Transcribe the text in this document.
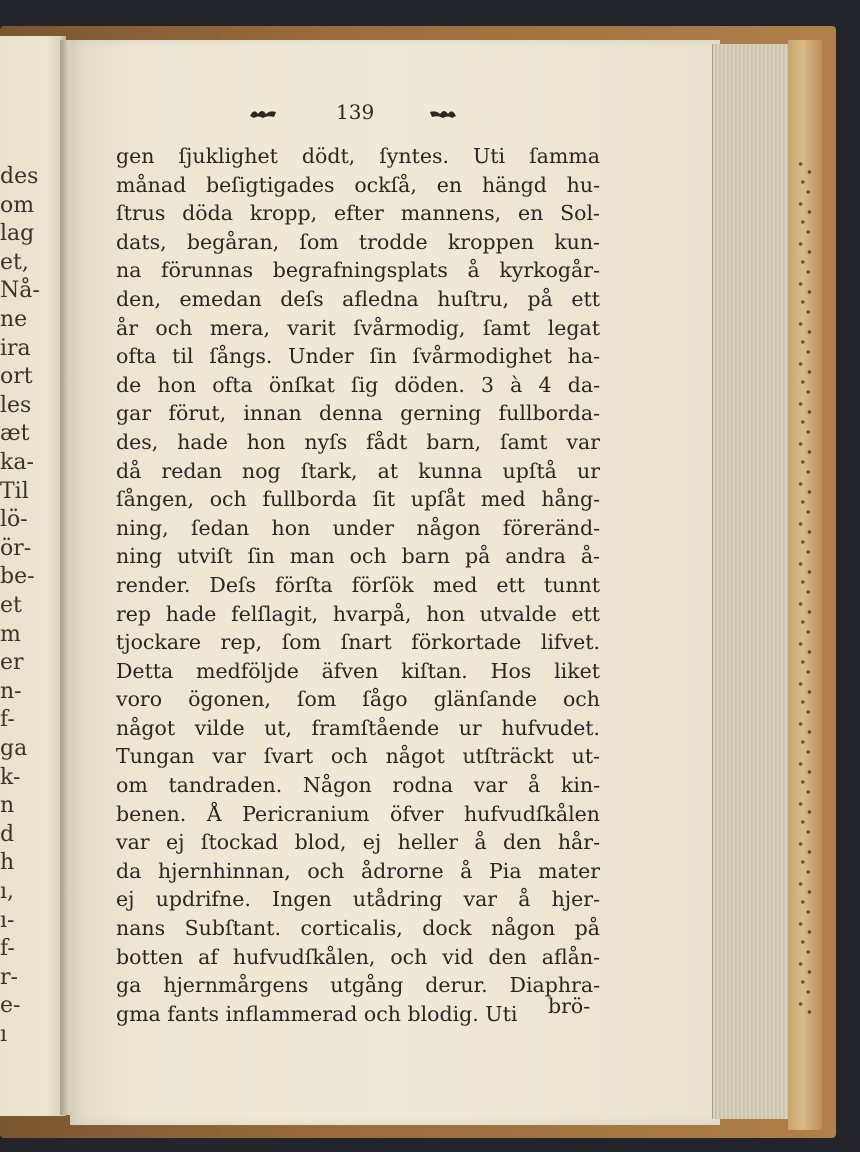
des
om
lag
et,
Nå-
ne
ira
ort
les
æt
ka-
Til
lö-
ör-
be-
et
m
er
n-
f-
ga
k-
n
d
h
ı,
ı-
f-
r-
e-
ı
139
gen ſjuklighet dödt, ſyntes. Uti ſamma
månad beſigtigades ockſå, en hängd hu-
ſtrus döda kropp, efter mannens, en Sol-
dats, begåran, ſom trodde kroppen kun-
na förunnas begrafningsplats å kyrkogår-
den, emedan deſs afledna huſtru, på ett
år och mera, varit ſvårmodig, ſamt legat
ofta til ſångs. Under ſin ſvårmodighet ha-
de hon ofta önſkat ſig döden. 3 à 4 da-
gar förut, innan denna gerning fullborda-
des, hade hon nyſs fådt barn, ſamt var
då redan nog ſtark, at kunna upſtå ur
ſången, och fullborda ſit upſåt med hång-
ning, ſedan hon under någon föreränd-
ning utviſt ſin man och barn på andra å-
render. Deſs förſta förſök med ett tunnt
rep hade felſlagit, hvarpå, hon utvalde ett
tjockare rep, ſom ſnart förkortade lifvet.
Detta medföljde äfven kiſtan. Hos liket
voro ögonen, ſom ſågo glänſande och
något vilde ut, framſtående ur hufvudet.
Tungan var ſvart och något utſträckt ut-
om tandraden. Någon rodna var å kin-
benen. Å Pericranium öfver hufvudſkålen
var ej ſtockad blod, ej heller å den hår-
da hjernhinnan, och ådrorne å Pia mater
ej updrifne. Ingen utådring var å hjer-
nans Subſtant. corticalis, dock någon på
botten af hufvudſkålen, och vid den aflån-
ga hjernmårgens utgång derur. Diaphra-
gma fants inflammerad och blodig. Uti	brö-
